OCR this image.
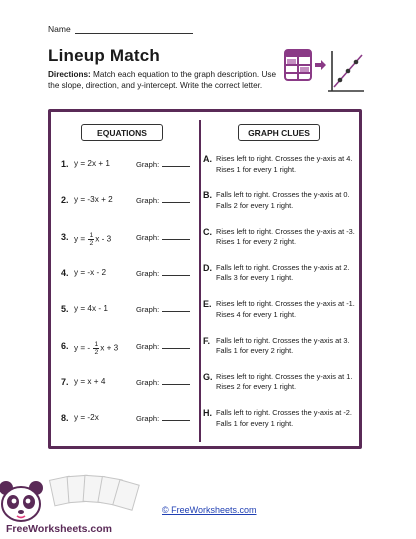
Name
Lineup Match
Directions: Match each equation to the graph description. Use the slope, direction, and y-intercept. Write the correct letter.
EQUATIONS	GRAPH CLUES
1. y = 2x + 1	Graph:
2. y = -3x + 2	Graph:
3. $y = \frac{1}{2}$ x - 3	Graph:
4. y = -x - 2	Graph:
5. y = 4x - 1	Graph:
6. y = - $\frac{1}{2}$ x + 3 Graph:
7. y = x + 4	Graph:
8. y = -2x	Graph:
A. Rises left to right. Crosses the y-axis at 4.
Rises 1 for every 1 right.
B. Falls left to right. Crosses the y-axis at 0.
Falls 2 for every 1 right.
C. Rises left to right. Crosses the y-axis at -3.
Rises 1 for every 2 right.
D. Falls left to right. Crosses the y-axis at 2.
Falls 3 for every 1 right.
E. Rises left to right. Crosses the y-axis at -1.
Rises 4 for every 1 right.
F. Falls left to right. Crosses the y-axis at 3.
Falls 1 for every 2 right.
G. Rises left to right. Crosses the y-axis at 1.
Rises 2 for every 1 right.
H. Falls left to right. Crosses the y-axis at -2.
Falls 1 for every 1 right.
FreeWorksheets.com
© FreeWorksheets.com
